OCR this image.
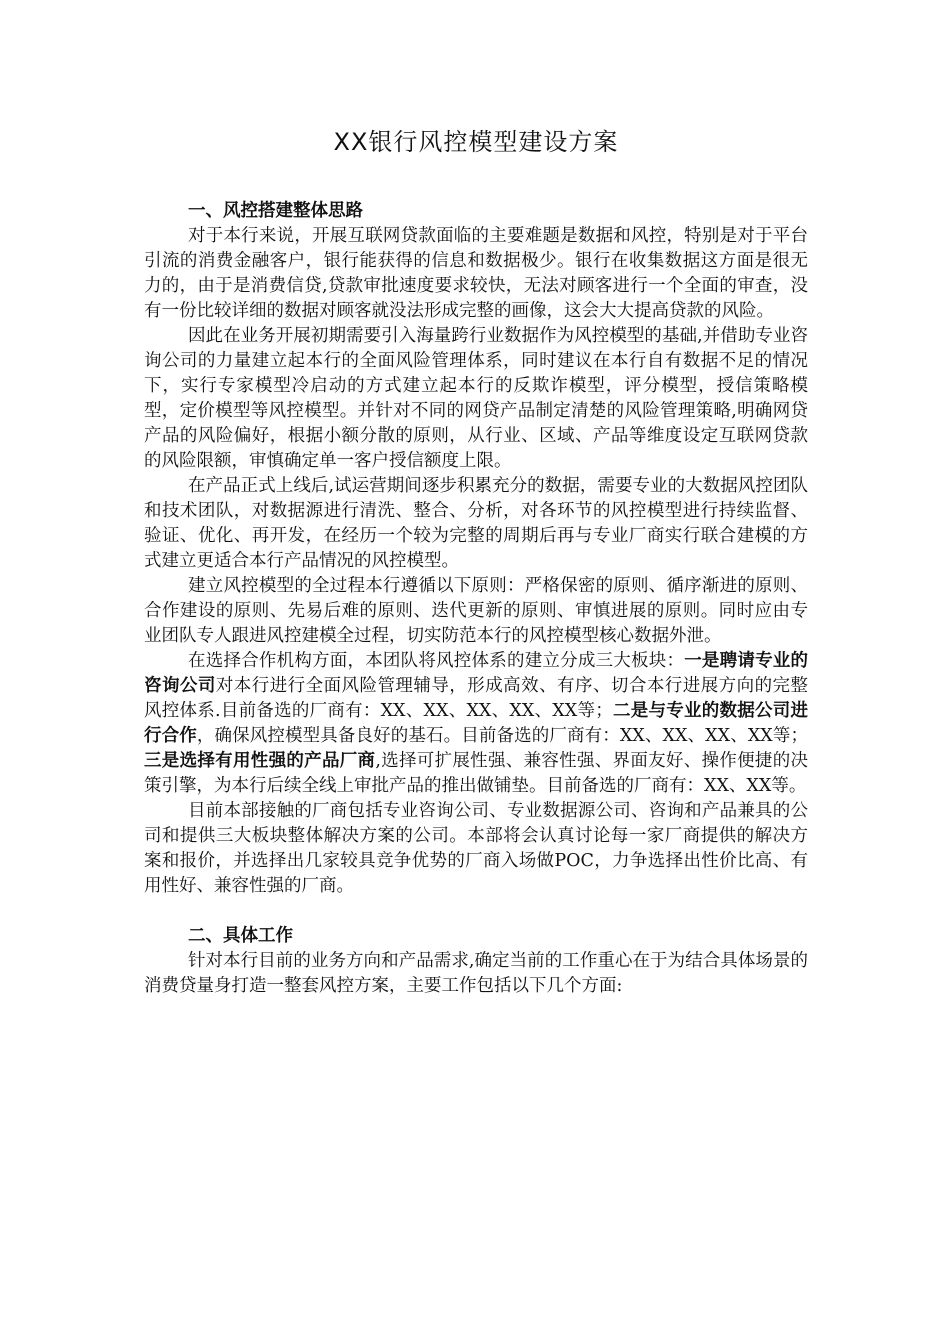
XX银行风控模型建设方案
一、风控搭建整体思路

对于本行来说，开展互联网贷款面临的主要难题是数据和风控，特别是对于平台引流的消费金融客户，银行能获得的信息和数据极少。银行在收集数据这方面是很无力的，由于是消费信贷,贷款审批速度要求较快，无法对顾客进行一个全面的审查，没有一份比较详细的数据对顾客就没法形成完整的画像，这会大大提高贷款的风险。

因此在业务开展初期需要引入海量跨行业数据作为风控模型的基础,并借助专业咨询公司的力量建立起本行的全面风险管理体系，同时建议在本行自有数据不足的情况下，实行专家模型冷启动的方式建立起本行的反欺诈模型，评分模型，授信策略模型，定价模型等风控模型。并针对不同的网贷产品制定清楚的风险管理策略,明确网贷产品的风险偏好，根据小额分散的原则，从行业、区域、产品等维度设定互联网贷款的风险限额，审慎确定单一客户授信额度上限。

在产品正式上线后,试运营期间逐步积累充分的数据，需要专业的大数据风控团队和技术团队，对数据源进行清洗、整合、分析，对各环节的风控模型进行持续监督、验证、优化、再开发，在经历一个较为完整的周期后再与专业厂商实行联合建模的方式建立更适合本行产品情况的风控模型。

建立风控模型的全过程本行遵循以下原则：严格保密的原则、循序渐进的原则、合作建设的原则、先易后难的原则、迭代更新的原则、审慎进展的原则。同时应由专业团队专人跟进风控建模全过程，切实防范本行的风控模型核心数据外泄。

在选择合作机构方面，本团队将风控体系的建立分成三大板块：一是聘请专业的咨询公司对本行进行全面风险管理辅导，形成高效、有序、切合本行进展方向的完整风控体系.目前备选的厂商有：XX、XX、XX、XX、XX等；二是与专业的数据公司进行合作，确保风控模型具备良好的基石。目前备选的厂商有：XX、XX、XX、XX等；三是选择有用性强的产品厂商,选择可扩展性强、兼容性强、界面友好、操作便捷的决策引擎，为本行后续全线上审批产品的推出做铺垫。目前备选的厂商有：XX、XX等。

目前本部接触的厂商包括专业咨询公司、专业数据源公司、咨询和产品兼具的公司和提供三大板块整体解决方案的公司。本部将会认真讨论每一家厂商提供的解决方案和报价，并选择出几家较具竞争优势的厂商入场做POC，力争选择出性价比高、有用性好、兼容性强的厂商。

二、具体工作

针对本行目前的业务方向和产品需求,确定当前的工作重心在于为结合具体场景的消费贷量身打造一整套风控方案，主要工作包括以下几个方面:
